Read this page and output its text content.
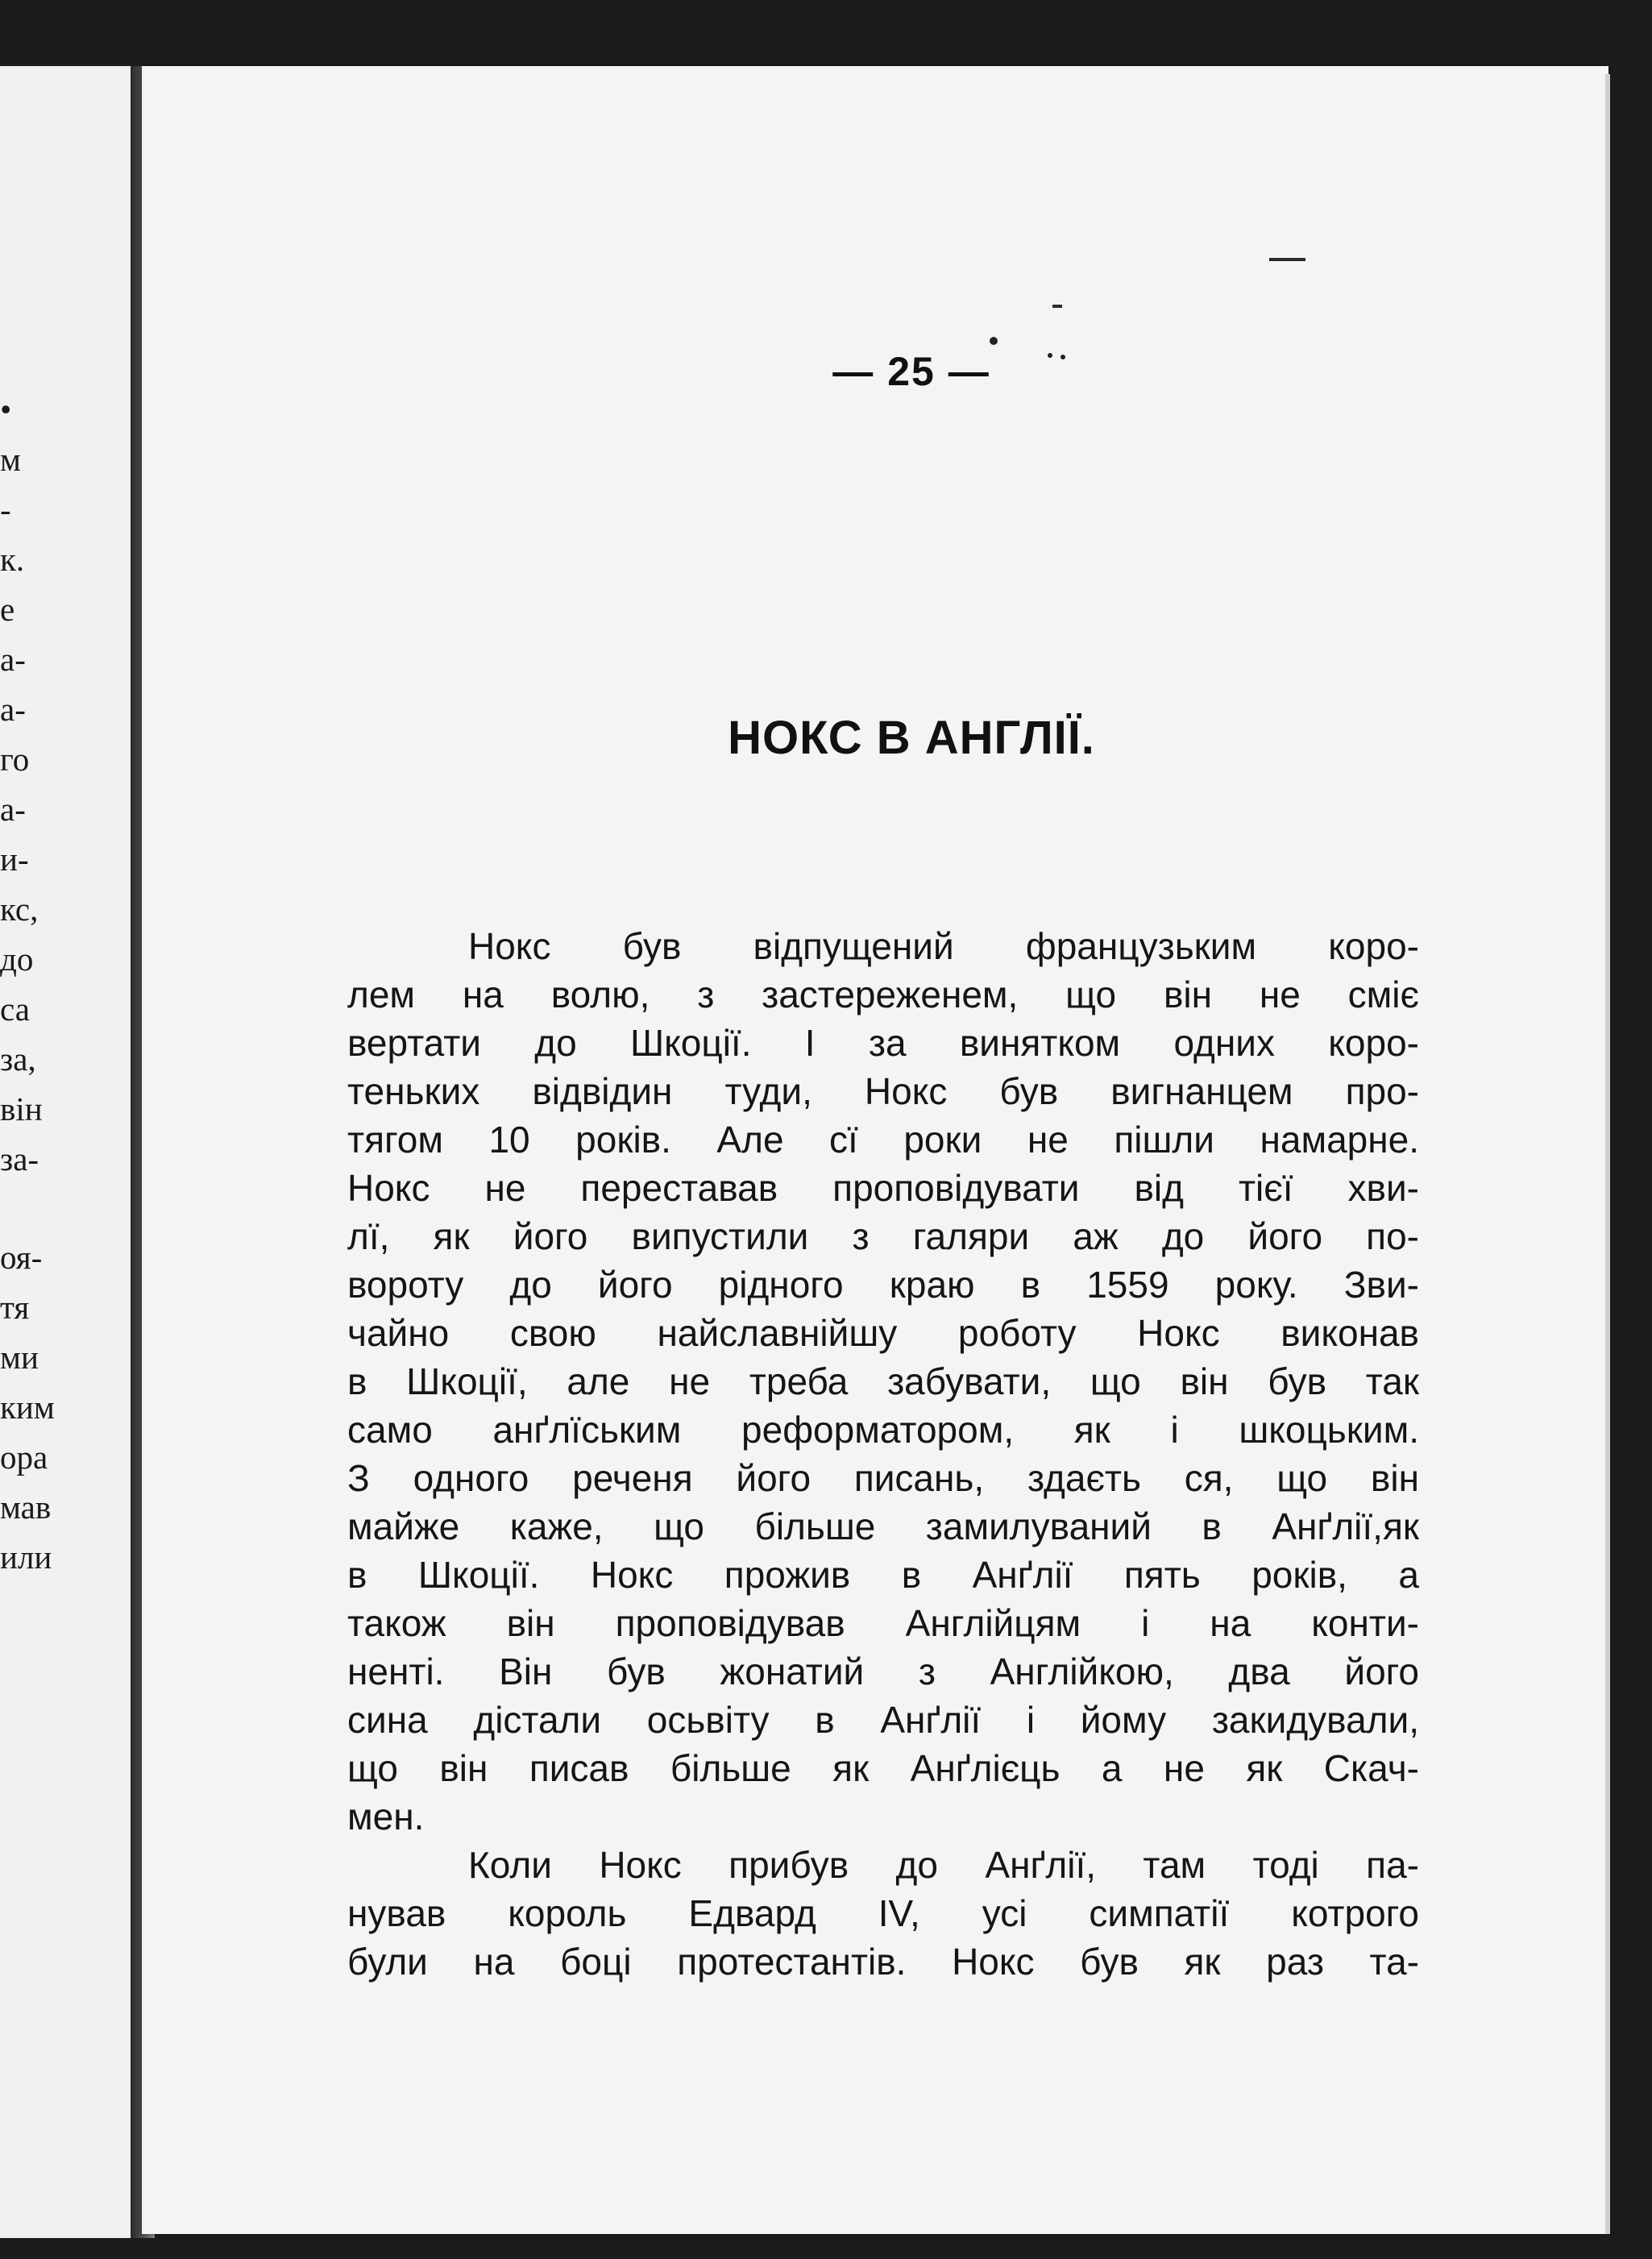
•
м
-
к.
е
а-
а-
го
а-
и-
кс,
до
са
за,
він
за-
оя-
тя
ми
ким
ора
мав
или
— 25 —
НОКС В АНГЛІЇ.
Нокс був відпущений французьким коро-
лем на волю, з застереженем, що він не сміє
вертати до Шкоції. І за винятком одних коро-
теньких відвідин туди, Нокс був вигнанцем про-
тягом 10 років. Але сї роки не пішли намарне.
Нокс не переставав проповідувати від тієї хви-
лї, як його випустили з галяри аж до його по-
вороту до його рідного краю в 1559 року. Зви-
чайно свою найславнійшу роботу Нокс виконав
в Шкоції, але не треба забувати, що він був так
само анґлїським реформатором, як і шкоцьким.
З одного реченя його писань, здаєть ся, що він
майже каже, що більше замилуваний в Анґлії,як
в Шкоції. Нокс прожив в Анґлії пять років, а
також він проповідував Англійцям і на конти-
ненті. Він був жонатий з Англійкою, два його
сина дістали осьвіту в Анґлії і йому закидували,
що він писав більше як Анґлієць а не як Скач-
мен.
Коли Нокс прибув до Анґлії, там тоді па-
нував король Едвард IV, усі симпатії котрого
були на боці протестантів. Нокс був як раз та-
